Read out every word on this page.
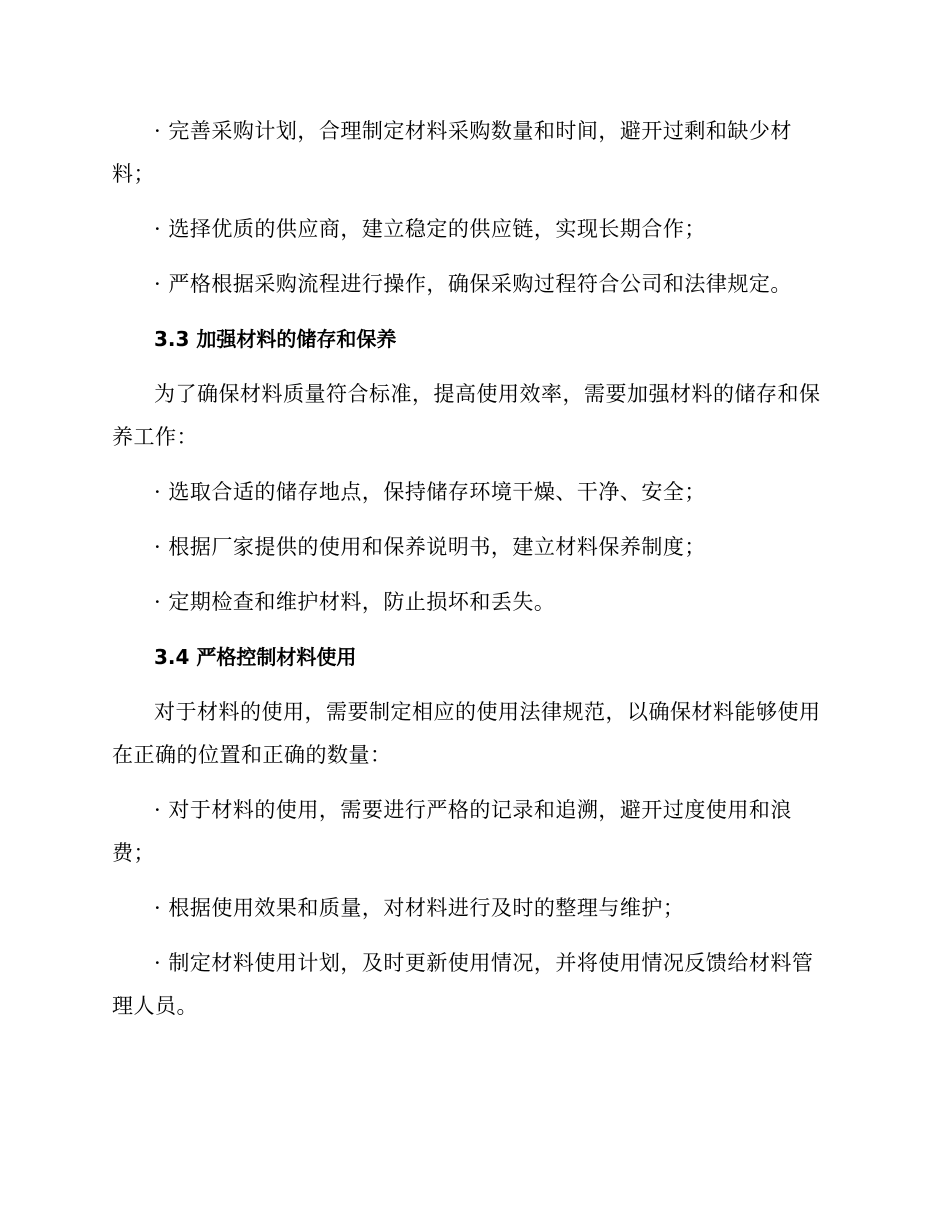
· 完善采购计划，合理制定材料采购数量和时间，避开过剩和缺少材料；

· 选择优质的供应商，建立稳定的供应链，实现长期合作；

· 严格根据采购流程进行操作，确保采购过程符合公司和法律规定。

3.3 加强材料的储存和保养

为了确保材料质量符合标准，提高使用效率，需要加强材料的储存和保养工作：

· 选取合适的储存地点，保持储存环境干燥、干净、安全；

· 根据厂家提供的使用和保养说明书，建立材料保养制度；

· 定期检查和维护材料，防止损坏和丢失。

3.4 严格控制材料使用

对于材料的使用，需要制定相应的使用法律规范，以确保材料能够使用在正确的位置和正确的数量：

· 对于材料的使用，需要进行严格的记录和追溯，避开过度使用和浪费；

· 根据使用效果和质量，对材料进行及时的整理与维护；

· 制定材料使用计划，及时更新使用情况，并将使用情况反馈给材料管理人员。
